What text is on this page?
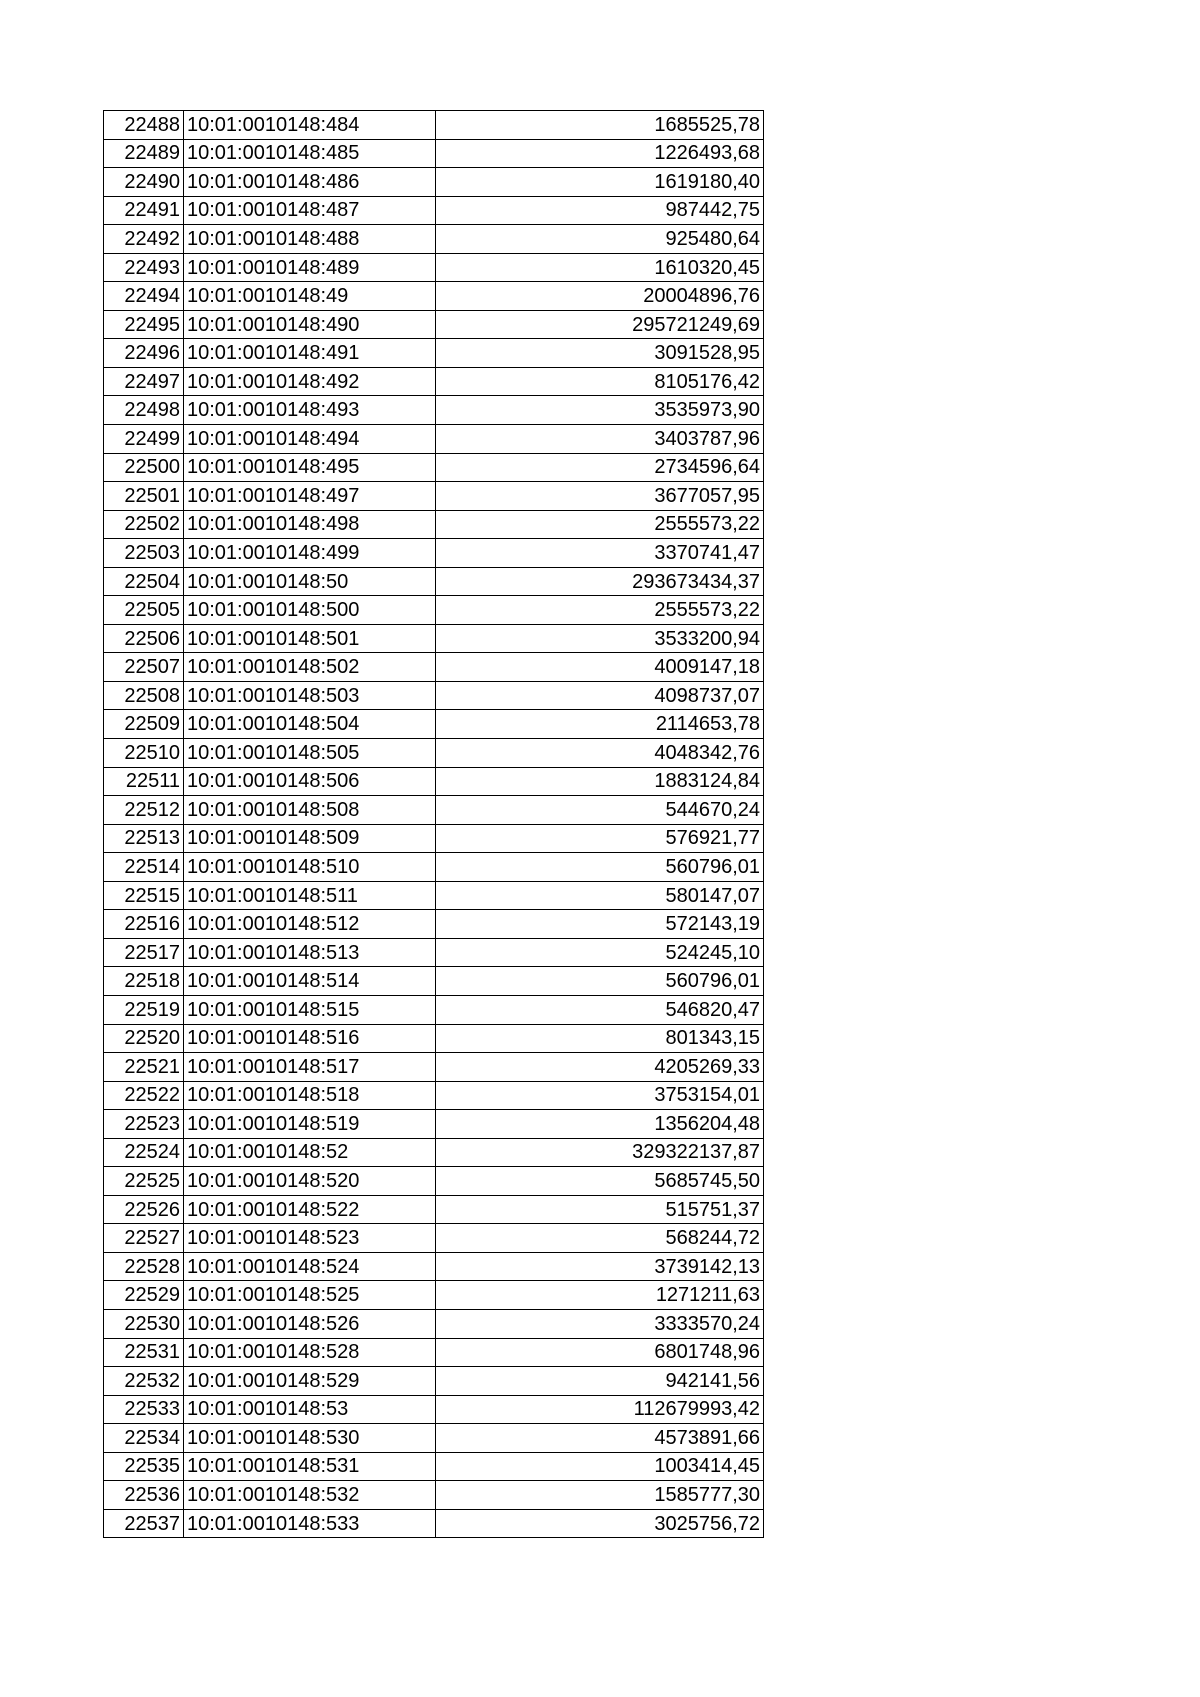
22488	10:01:0010148:484	1685525,78
22489	10:01:0010148:485	1226493,68
22490	10:01:0010148:486	1619180,40
22491	10:01:0010148:487	987442,75
22492	10:01:0010148:488	925480,64
22493	10:01:0010148:489	1610320,45
22494	10:01:0010148:49	20004896,76
22495	10:01:0010148:490	295721249,69
22496	10:01:0010148:491	3091528,95
22497	10:01:0010148:492	8105176,42
22498	10:01:0010148:493	3535973,90
22499	10:01:0010148:494	3403787,96
22500	10:01:0010148:495	2734596,64
22501	10:01:0010148:497	3677057,95
22502	10:01:0010148:498	2555573,22
22503	10:01:0010148:499	3370741,47
22504	10:01:0010148:50	293673434,37
22505	10:01:0010148:500	2555573,22
22506	10:01:0010148:501	3533200,94
22507	10:01:0010148:502	4009147,18
22508	10:01:0010148:503	4098737,07
22509	10:01:0010148:504	2114653,78
22510	10:01:0010148:505	4048342,76
22511	10:01:0010148:506	1883124,84
22512	10:01:0010148:508	544670,24
22513	10:01:0010148:509	576921,77
22514	10:01:0010148:510	560796,01
22515	10:01:0010148:511	580147,07
22516	10:01:0010148:512	572143,19
22517	10:01:0010148:513	524245,10
22518	10:01:0010148:514	560796,01
22519	10:01:0010148:515	546820,47
22520	10:01:0010148:516	801343,15
22521	10:01:0010148:517	4205269,33
22522	10:01:0010148:518	3753154,01
22523	10:01:0010148:519	1356204,48
22524	10:01:0010148:52	329322137,87
22525	10:01:0010148:520	5685745,50
22526	10:01:0010148:522	515751,37
22527	10:01:0010148:523	568244,72
22528	10:01:0010148:524	3739142,13
22529	10:01:0010148:525	1271211,63
22530	10:01:0010148:526	3333570,24
22531	10:01:0010148:528	6801748,96
22532	10:01:0010148:529	942141,56
22533	10:01:0010148:53	112679993,42
22534	10:01:0010148:530	4573891,66
22535	10:01:0010148:531	1003414,45
22536	10:01:0010148:532	1585777,30
22537	10:01:0010148:533	3025756,72
